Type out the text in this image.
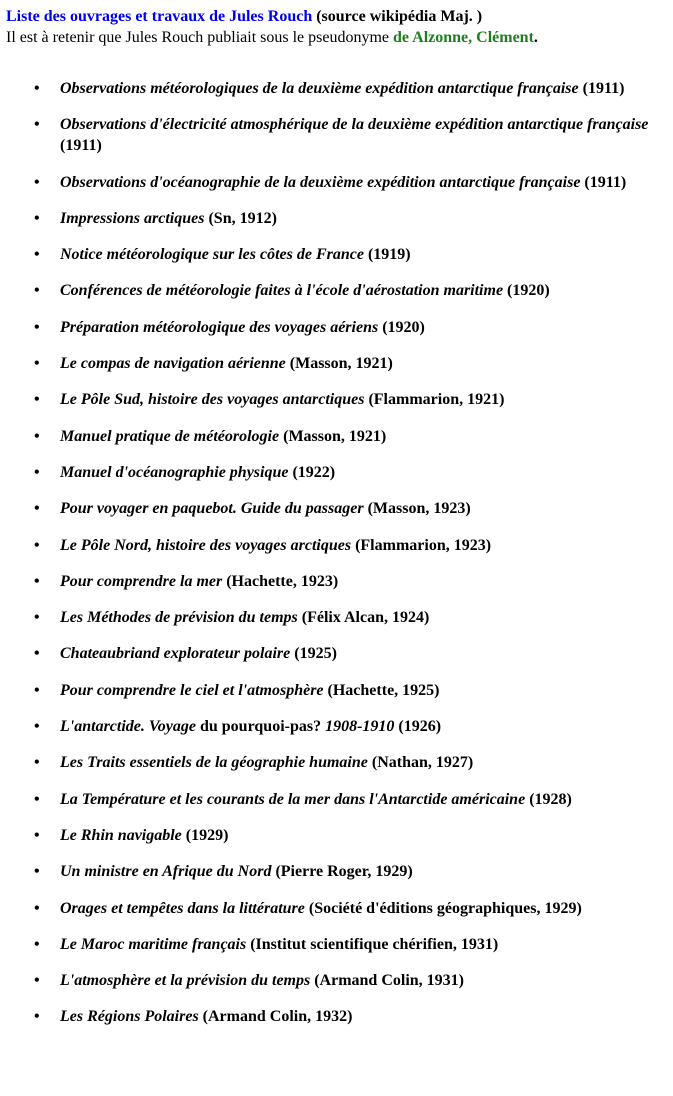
Liste des ouvrages et travaux de Jules Rouch (source wikipédia Maj. )
Il est à retenir que Jules Rouch publiait sous le pseudonyme de Alzonne, Clément.
• Observations météorologiques de la deuxième expédition antarctique française (1911)
• Observations d'électricité atmosphérique de la deuxième expédition antarctique française (1911)
• Observations d'océanographie de la deuxième expédition antarctique française (1911)
• Impressions arctiques (Sn, 1912)
• Notice météorologique sur les côtes de France (1919)
• Conférences de météorologie faites à l'école d'aérostation maritime (1920)
• Préparation météorologique des voyages aériens (1920)
• Le compas de navigation aérienne (Masson, 1921)
• Le Pôle Sud, histoire des voyages antarctiques (Flammarion, 1921)
• Manuel pratique de météorologie (Masson, 1921)
• Manuel d'océanographie physique (1922)
• Pour voyager en paquebot. Guide du passager (Masson, 1923)
• Le Pôle Nord, histoire des voyages arctiques (Flammarion, 1923)
• Pour comprendre la mer (Hachette, 1923)
• Les Méthodes de prévision du temps (Félix Alcan, 1924)
• Chateaubriand explorateur polaire (1925)
• Pour comprendre le ciel et l'atmosphère (Hachette, 1925)
• L'antarctide. Voyage du pourquoi-pas? 1908-1910 (1926)
• Les Traits essentiels de la géographie humaine (Nathan, 1927)
• La Température et les courants de la mer dans l'Antarctide américaine (1928)
• Le Rhin navigable (1929)
• Un ministre en Afrique du Nord (Pierre Roger, 1929)
• Orages et tempêtes dans la littérature (Société d'éditions géographiques, 1929)
• Le Maroc maritime français (Institut scientifique chérifien, 1931)
• L'atmosphère et la prévision du temps (Armand Colin, 1931)
• Les Régions Polaires (Armand Colin, 1932)
